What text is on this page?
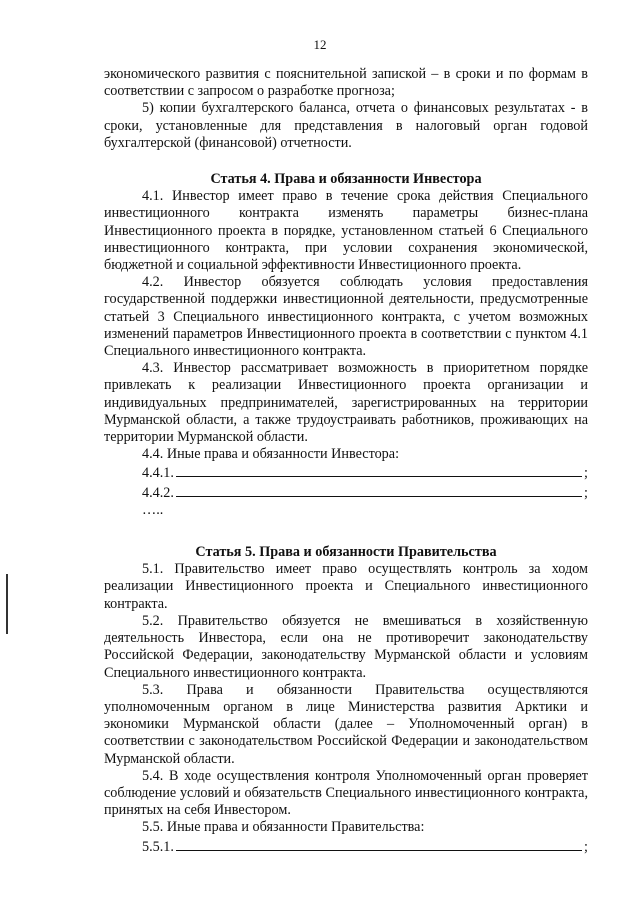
12

экономического развития с пояснительной запиской – в сроки и по формам в соответствии с запросом о разработке прогноза;

5) копии бухгалтерского баланса, отчета о финансовых результатах - в сроки, установленные для представления в налоговый орган годовой бухгалтерской (финансовой) отчетности.

Статья 4. Права и обязанности Инвестора

4.1. Инвестор имеет право в течение срока действия Специального инвестиционного контракта изменять параметры бизнес-плана Инвестиционного проекта в порядке, установленном статьей 6 Специального инвестиционного контракта, при условии сохранения экономической, бюджетной и социальной эффективности Инвестиционного проекта.

4.2. Инвестор обязуется соблюдать условия предоставления государственной поддержки инвестиционной деятельности, предусмотренные статьей 3 Специального инвестиционного контракта, с учетом возможных изменений параметров Инвестиционного проекта в соответствии с пунктом 4.1 Специального инвестиционного контракта.

4.3. Инвестор рассматривает возможность в приоритетном порядке привлекать к реализации Инвестиционного проекта организации и индивидуальных предпринимателей, зарегистрированных на территории Мурманской области, а также трудоустраивать работников, проживающих на территории Мурманской области.

4.4. Иные права и обязанности Инвестора:

4.4.1.	;
4.4.2.	;

…..

Статья 5. Права и обязанности Правительства

5.1. Правительство имеет право осуществлять контроль за ходом реализации Инвестиционного проекта и Специального инвестиционного контракта.

5.2. Правительство обязуется не вмешиваться в хозяйственную деятельность Инвестора, если она не противоречит законодательству Российской Федерации, законодательству Мурманской области и условиям Специального инвестиционного контракта.

5.3. Права и обязанности Правительства осуществляются уполномоченным органом в лице Министерства развития Арктики и экономики Мурманской области (далее – Уполномоченный орган) в соответствии с законодательством Российской Федерации и законодательством Мурманской области.

5.4. В ходе осуществления контроля Уполномоченный орган проверяет соблюдение условий и обязательств Специального инвестиционного контракта, принятых на себя Инвестором.

5.5. Иные права и обязанности Правительства:

5.5.1.	;
